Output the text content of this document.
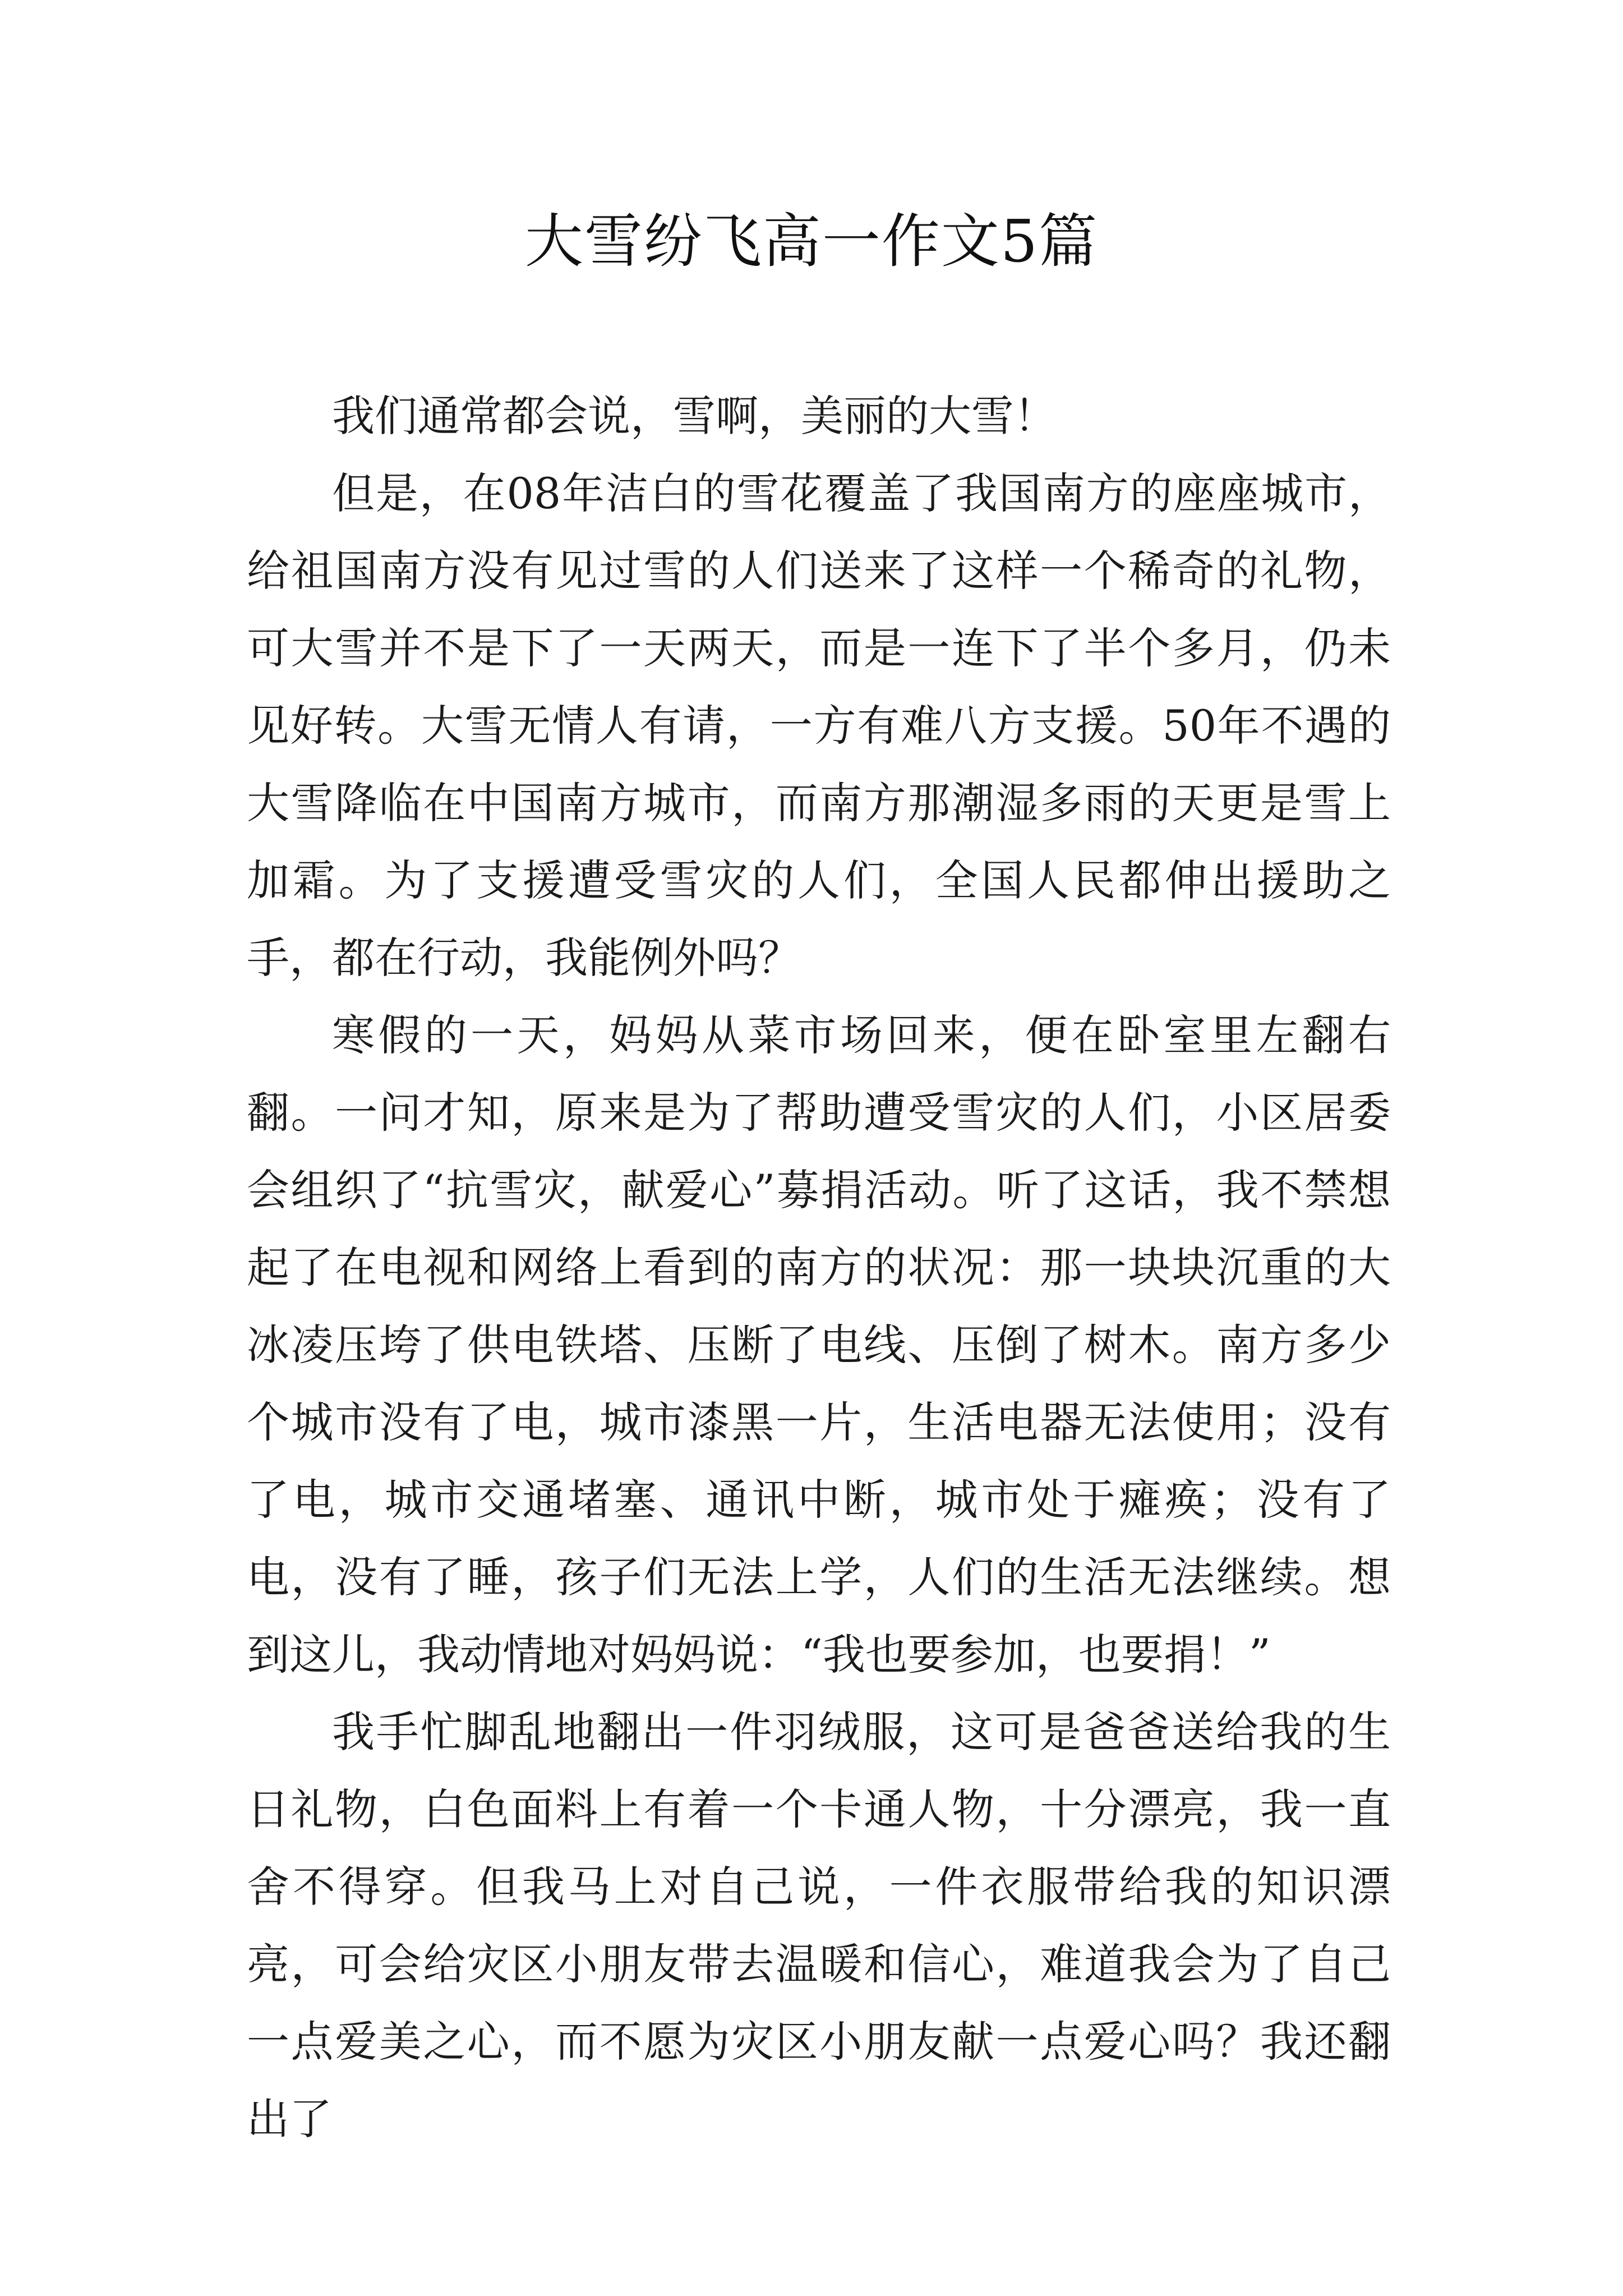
大雪纷飞高一作文5篇

我们通常都会说，雪啊，美丽的大雪！

但是，在08年洁白的雪花覆盖了我国南方的座座城市，给祖国南方没有见过雪的人们送来了这样一个稀奇的礼物，可大雪并不是下了一天两天，而是一连下了半个多月，仍未见好转。大雪无情人有请，一方有难八方支援。50年不遇的大雪降临在中国南方城市，而南方那潮湿多雨的天更是雪上加霜。为了支援遭受雪灾的人们，全国人民都伸出援助之手，都在行动，我能例外吗？

寒假的一天，妈妈从菜市场回来，便在卧室里左翻右翻。一问才知，原来是为了帮助遭受雪灾的人们，小区居委会组织了“抗雪灾，献爱心”募捐活动。听了这话，我不禁想起了在电视和网络上看到的南方的状况：那一块块沉重的大冰凌压垮了供电铁塔、压断了电线、压倒了树木。南方多少个城市没有了电，城市漆黑一片，生活电器无法使用；没有了电，城市交通堵塞、通讯中断，城市处于瘫痪；没有了电，没有了睡，孩子们无法上学，人们的生活无法继续。想到这儿，我动情地对妈妈说：“我也要参加，也要捐！”

我手忙脚乱地翻出一件羽绒服，这可是爸爸送给我的生日礼物，白色面料上有着一个卡通人物，十分漂亮，我一直舍不得穿。但我马上对自己说，一件衣服带给我的知识漂亮，可会给灾区小朋友带去温暖和信心，难道我会为了自己一点爱美之心，而不愿为灾区小朋友献一点爱心吗？我还翻出了
